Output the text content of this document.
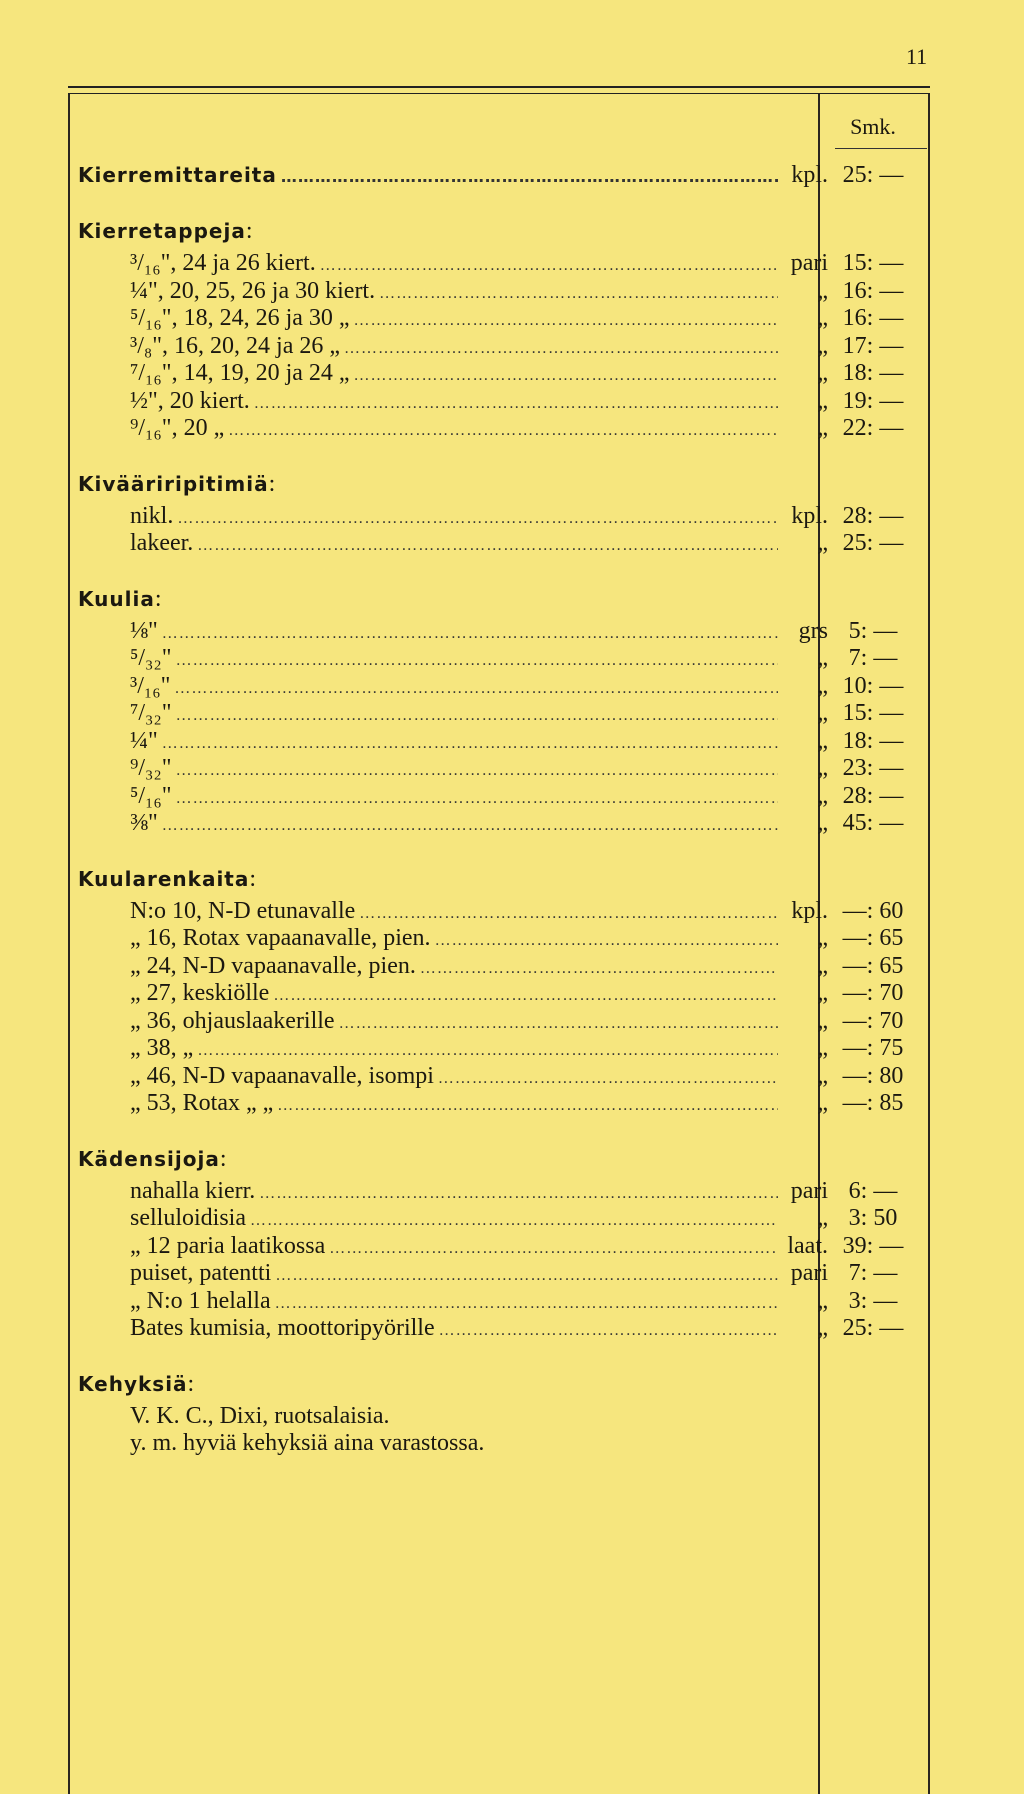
11
Smk.
Kierremittareita …………………………………………………………………………………………………………………………………………………	kpl. 25: —
Kierretappeja:
³/₁₆", 24 ja 26 kiert. …………………………………………………………………………………………………………………………………………………	pari 15: —
¼", 20, 25, 26 ja 30 kiert. …………………………………………………………………………………………………………………………………………………	„ 16: —
⁵/₁₆", 18, 24, 26 ja 30 „ …………………………………………………………………………………………………………………………………………………	„ 16: —
³/₈", 16, 20, 24 ja 26 „ …………………………………………………………………………………………………………………………………………………	„ 17: —
⁷/₁₆", 14, 19, 20 ja 24 „ …………………………………………………………………………………………………………………………………………………	„ 18: —
½", 20 kiert. …………………………………………………………………………………………………………………………………………………	„ 19: —
⁹/₁₆", 20 „ …………………………………………………………………………………………………………………………………………………	„ 22: —
Kivääriripitimiä:
nikl. …………………………………………………………………………………………………………………………………………………	kpl. 28: —
lakeer. …………………………………………………………………………………………………………………………………………………	„ 25: —
Kuulia:
⅛" …………………………………………………………………………………………………………………………………………………	grs 5: —
⁵/₃₂" …………………………………………………………………………………………………………………………………………………	„ 7: —
³/₁₆" …………………………………………………………………………………………………………………………………………………	„ 10: —
⁷/₃₂" …………………………………………………………………………………………………………………………………………………	„ 15: —
¼" …………………………………………………………………………………………………………………………………………………	„ 18: —
⁹/₃₂" …………………………………………………………………………………………………………………………………………………	„ 23: —
⁵/₁₆" …………………………………………………………………………………………………………………………………………………	„ 28: —
⅜" …………………………………………………………………………………………………………………………………………………	„ 45: —
Kuularenkaita:
N:o 10, N-D etunavalle …………………………………………………………………………………………………………………………………………………	kpl. —: 60
„ 16, Rotax vapaanavalle, pien. …………………………………………………………………………………………………………………………………………………	„ —: 65
„ 24, N-D vapaanavalle, pien. …………………………………………………………………………………………………………………………………………………	„ —: 65
„ 27, keskiölle …………………………………………………………………………………………………………………………………………………	„ —: 70
„ 36, ohjauslaakerille …………………………………………………………………………………………………………………………………………………	„ —: 70
„ 38, „ …………………………………………………………………………………………………………………………………………………	„ —: 75
„ 46, N-D vapaanavalle, isompi …………………………………………………………………………………………………………………………………………………	„ —: 80
„ 53, Rotax „ „ …………………………………………………………………………………………………………………………………………………	„ —: 85
Kädensijoja:
nahalla kierr. …………………………………………………………………………………………………………………………………………………	pari 6: —
selluloidisia …………………………………………………………………………………………………………………………………………………	„ 3: 50
„ 12 paria laatikossa …………………………………………………………………………………………………………………………………………………	laat. 39: —
puiset, patentti …………………………………………………………………………………………………………………………………………………	pari 7: —
„ N:o 1 helalla …………………………………………………………………………………………………………………………………………………	„ 3: —
Bates kumisia, moottoripyörille …………………………………………………………………………………………………………………………………………………	„ 25: —
Kehyksiä:
V. K. C., Dixi, ruotsalaisia.
y. m. hyviä kehyksiä aina varastossa.
